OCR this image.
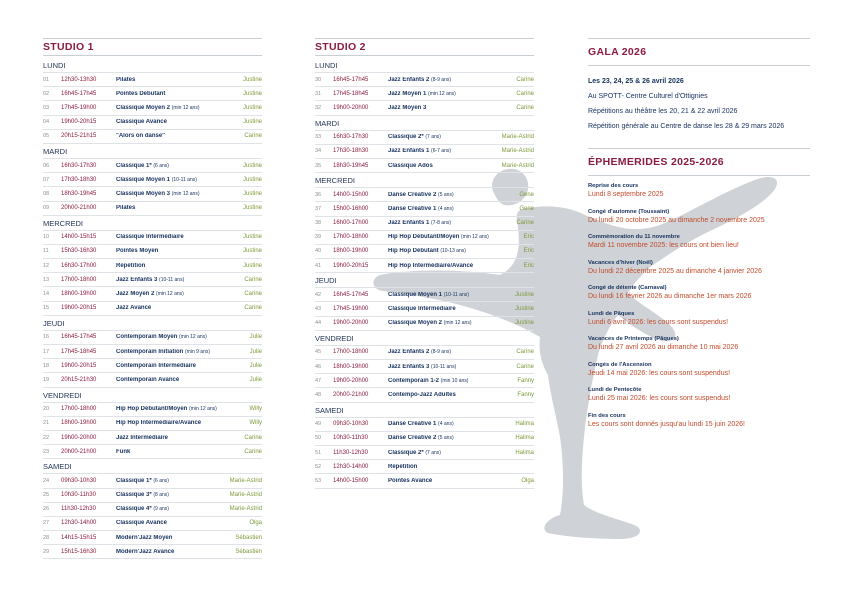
STUDIO 1
LUNDI
01	12h30-13h30	Pilates	Justine
02	16h45-17h45	Pointes Débutant	Justine
03	17h45-19h00	Classique Moyen 2 (min 12 ans)	Justine
04	19h00-20h15	Classique Avancé	Justine
05	20h15-21h15	"Alors on danse"	Carine
MARDI
06	16h30-17h30	Classique 1* (6 ans)	Justine
07	17h30-18h30	Classique Moyen 1 (10-11 ans)	Justine
08	18h30-19h45	Classique Moyen 3 (min 12 ans)	Justine
09	20h00-21h00	Pilates	Justine
MERCREDI
10	14h00-15h15	Classique Intermédiaire	Justine
11	15h30-16h30	Pointes Moyen	Justine
12	16h30-17h00	Répétition	Justine
13	17h00-18h00	Jazz Enfants 3 (10-11 ans)	Carine
14	18h00-19h00	Jazz Moyen 2 (min 12 ans)	Carine
15	19h00-20h15	Jazz Avancé	Carine
JEUDI
16	16h45-17h45	Contemporain Moyen (min 12 ans)	Julie
17	17h45-18h45	Contemporain Initiation (min 9 ans)	Julie
18	19h00-20h15	Contemporain Intermédiaire	Julie
19	20h15-21h30	Contemporain Avancé	Julie
VENDREDI
20	17h00-18h00	Hip Hop Débutant/Moyen (min 12 ans)	Willy
21	18h00-19h00	Hip Hop Intermédiaire/Avancé	Willy
22	19h00-20h00	Jazz Intermédiaire	Carine
23	20h00-21h00	Funk	Carine
SAMEDI
24	09h30-10h30	Classique 1* (6 ans)	Marie-Astrid
25	10h30-11h30	Classique 3* (8 ans)	Marie-Astrid
26	11h30-12h30	Classique 4* (9 ans)	Marie-Astrid
27	12h30-14h00	Classique Avancé	Olga
28	14h15-15h15	Modern'Jazz Moyen	Sébastien
29	15h15-16h30	Modern'Jazz Avancé	Sébastien
STUDIO 2
LUNDI
30	16h45-17h45	Jazz Enfants 2 (8-9 ans)	Carine
31	17h45-18h45	Jazz Moyen 1 (min 12 ans)	Carine
32	19h00-20h00	Jazz Moyen 3	Carine
MARDI
33	16h30-17h30	Classique 2* (7 ans)	Marie-Astrid
34	17h30-18h30	Jazz Enfants 1 (6-7 ans)	Marie-Astrid
35	18h30-19h45	Classique Ados	Marie-Astrid
MERCREDI
36	14h00-15h00	Danse Créative 2 (5 ans)	Gene
37	15h00-16h00	Danse Créative 1 (4 ans)	Gene
38	16h00-17h00	Jazz Enfants 1 (7-8 ans)	Carine
39	17h00-18h00	Hip Hop Débutant/Moyen (min 12 ans)	Eric
40	18h00-19h00	Hip Hop Débutant (10-13 ans)	Eric
41	19h00-20h15	Hip Hop Intermédiaire/Avancé	Eric
JEUDI
42	16h45-17h45	Classique Moyen 1 (10-11 ans)	Justine
43	17h45-19h00	Classique Intermédiaire	Justine
44	19h00-20h00	Classique Moyen 2 (min 12 ans)	Justine
VENDREDI
45	17h00-18h00	Jazz Enfants 2 (8-9 ans)	Carine
46	18h00-19h00	Jazz Enfants 3 (10-11 ans)	Carine
47	19h00-20h00	Contemporain 1-2 (min 10 ans)	Fanny
48	20h00-21h00	Contempo-Jazz Adultes	Fanny
SAMEDI
49	09h30-10h30	Danse Créative 1 (4 ans)	Halima
50	10h30-11h30	Danse Créative 2 (5 ans)	Halima
51	11h30-12h30	Classique 2* (7 ans)	Halima
52	12h30-14h00	Répétition
53	14h00-15h00	Pointes Avancé	Olga
GALA 2026
Les 23, 24, 25 & 26 avril 2026
Au SPOTT- Centre Culturel d'Ottignies
Répétitions au théâtre les 20, 21 & 22 avril 2026
Répétition générale au Centre de danse les 28 & 29 mars 2026
ÉPHEMERIDES 2025-2026
Reprise des cours
Lundi 8 septembre 2025
Congé d'automne (Toussaint)
Du lundi 20 octobre 2025 au dimanche 2 novembre 2025
Commémoration du 11 novembre
Mardi 11 novembre 2025: les cours ont bien lieu!
Vacances d'hiver (Noël)
Du lundi 22 décembre 2025 au dimanche 4 janvier 2026
Congé de détente (Carnaval)
Du lundi 16 février 2026 au dimanche 1er mars 2026
Lundi de Pâques
Lundi 6 avril 2026: les cours sont suspendus!
Vacances de Printemps (Pâques)
Du lundi 27 avril 2026 au dimanche 10 mai 2026
Congés de l'Ascension
Jeudi 14 mai 2026: les cours sont suspendus!
Lundi de Pentecôte
Lundi 25 mai 2026: les cours sont suspendus!
Fin des cours
Les cours sont donnés jusqu'au lundi 15 juin 2026!
